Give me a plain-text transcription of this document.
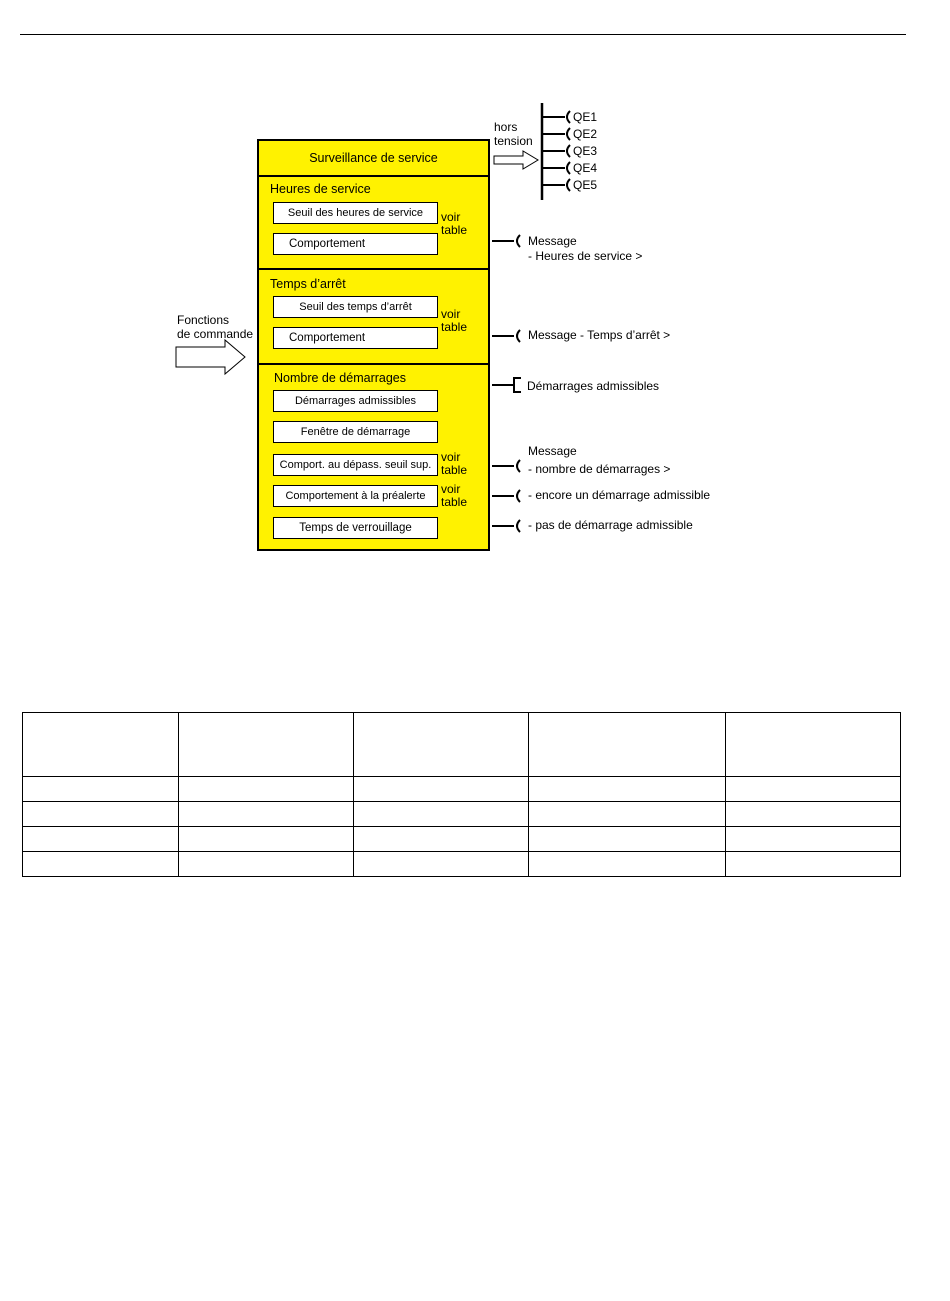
Fonctions
de commande
hors
tension
QE1
QE2
QE3
QE4
QE5
Surveillance de service
Heures de service
Seuil des heures de service
Comportement
voir
table
Temps d’arrêt
Seuil des temps d’arrêt
Comportement
voir
table
Nombre de démarrages
Démarrages admissibles
Fenêtre de démarrage
Comport. au dépass. seuil sup.
Comportement à la préalerte
Temps de verrouillage
voir
table
voir
table
Message
- Heures de service >
Message - Temps d’arrêt >
Démarrages admissibles
Message
- nombre de démarrages >
- encore un démarrage admissible
- pas de démarrage admissible
